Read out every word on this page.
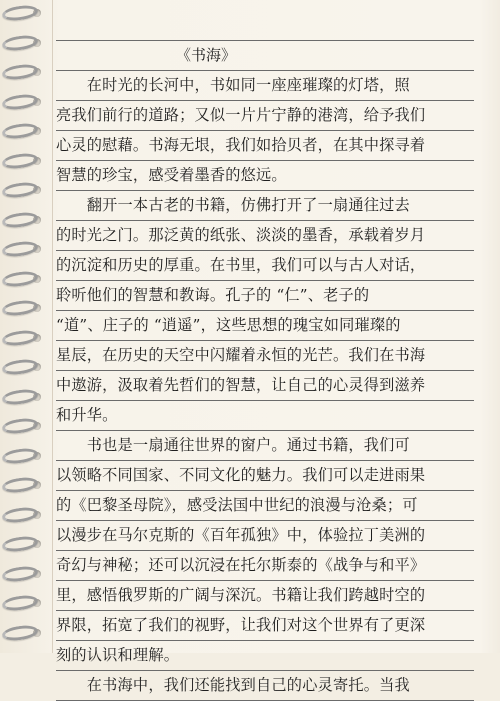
《书海》
　　在时光的长河中，书如同一座座璀璨的灯塔，照
亮我们前行的道路；又似一片片宁静的港湾，给予我们
心灵的慰藉。书海无垠，我们如拾贝者，在其中探寻着
智慧的珍宝，感受着墨香的悠远。
　　翻开一本古老的书籍，仿佛打开了一扇通往过去
的时光之门。那泛黄的纸张、淡淡的墨香，承载着岁月
的沉淀和历史的厚重。在书里，我们可以与古人对话，
聆听他们的智慧和教诲。孔子的 “仁”、老子的
“道”、庄子的 “逍遥”，这些思想的瑰宝如同璀璨的
星辰，在历史的天空中闪耀着永恒的光芒。我们在书海
中遨游，汲取着先哲们的智慧，让自己的心灵得到滋养
和升华。
　　书也是一扇通往世界的窗户。通过书籍，我们可
以领略不同国家、不同文化的魅力。我们可以走进雨果
的《巴黎圣母院》，感受法国中世纪的浪漫与沧桑；可
以漫步在马尔克斯的《百年孤独》中，体验拉丁美洲的
奇幻与神秘；还可以沉浸在托尔斯泰的《战争与和平》
里，感悟俄罗斯的广阔与深沉。书籍让我们跨越时空的
界限，拓宽了我们的视野，让我们对这个世界有了更深
刻的认识和理解。
　　在书海中，我们还能找到自己的心灵寄托。当我
